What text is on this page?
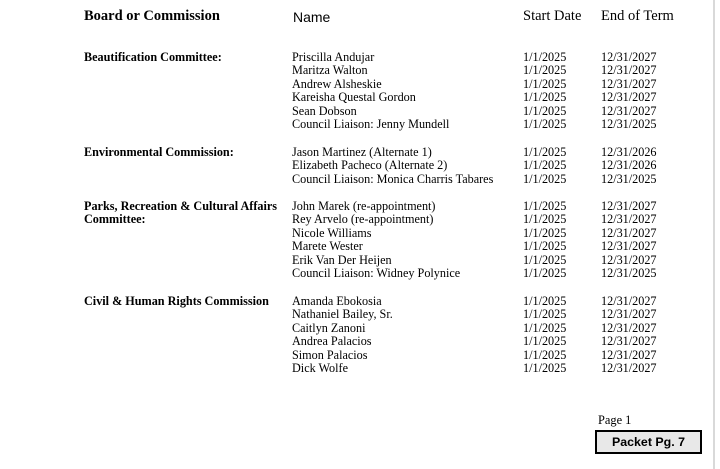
Board or Commission	Name	Start Date End of Term
Beautification Committee:	Priscilla Andujar	1/1/2025	12/31/2027
Maritza Walton	1/1/2025	12/31/2027
Andrew Alsheskie	1/1/2025	12/31/2027
Kareisha Questal Gordon	1/1/2025	12/31/2027
Sean Dobson	1/1/2025	12/31/2027
Council Liaison: Jenny Mundell	1/1/2025	12/31/2025
Environmental Commission:	Jason Martinez (Alternate 1)	1/1/2025	12/31/2026
Elizabeth Pacheco (Alternate 2)	1/1/2025	12/31/2026
Council Liaison: Monica Charris Tabares 1/1/2025	12/31/2025
Parks, Recreation & Cultural Affairs Committee:
John Marek (re-appointment)	1/1/2025	12/31/2027
Rey Arvelo (re-appointment)	1/1/2025	12/31/2027
Nicole Williams	1/1/2025	12/31/2027
Marete Wester	1/1/2025	12/31/2027
Erik Van Der Heijen	1/1/2025	12/31/2027
Council Liaison: Widney Polynice	1/1/2025	12/31/2025
Civil & Human Rights Commission	Amanda Ebokosia	1/1/2025	12/31/2027
Nathaniel Bailey, Sr.	1/1/2025	12/31/2027
Caitlyn Zanoni	1/1/2025	12/31/2027
Andrea Palacios	1/1/2025	12/31/2027
Simon Palacios	1/1/2025	12/31/2027
Dick Wolfe	1/1/2025	12/31/2027
Page 1
Packet Pg. 7
